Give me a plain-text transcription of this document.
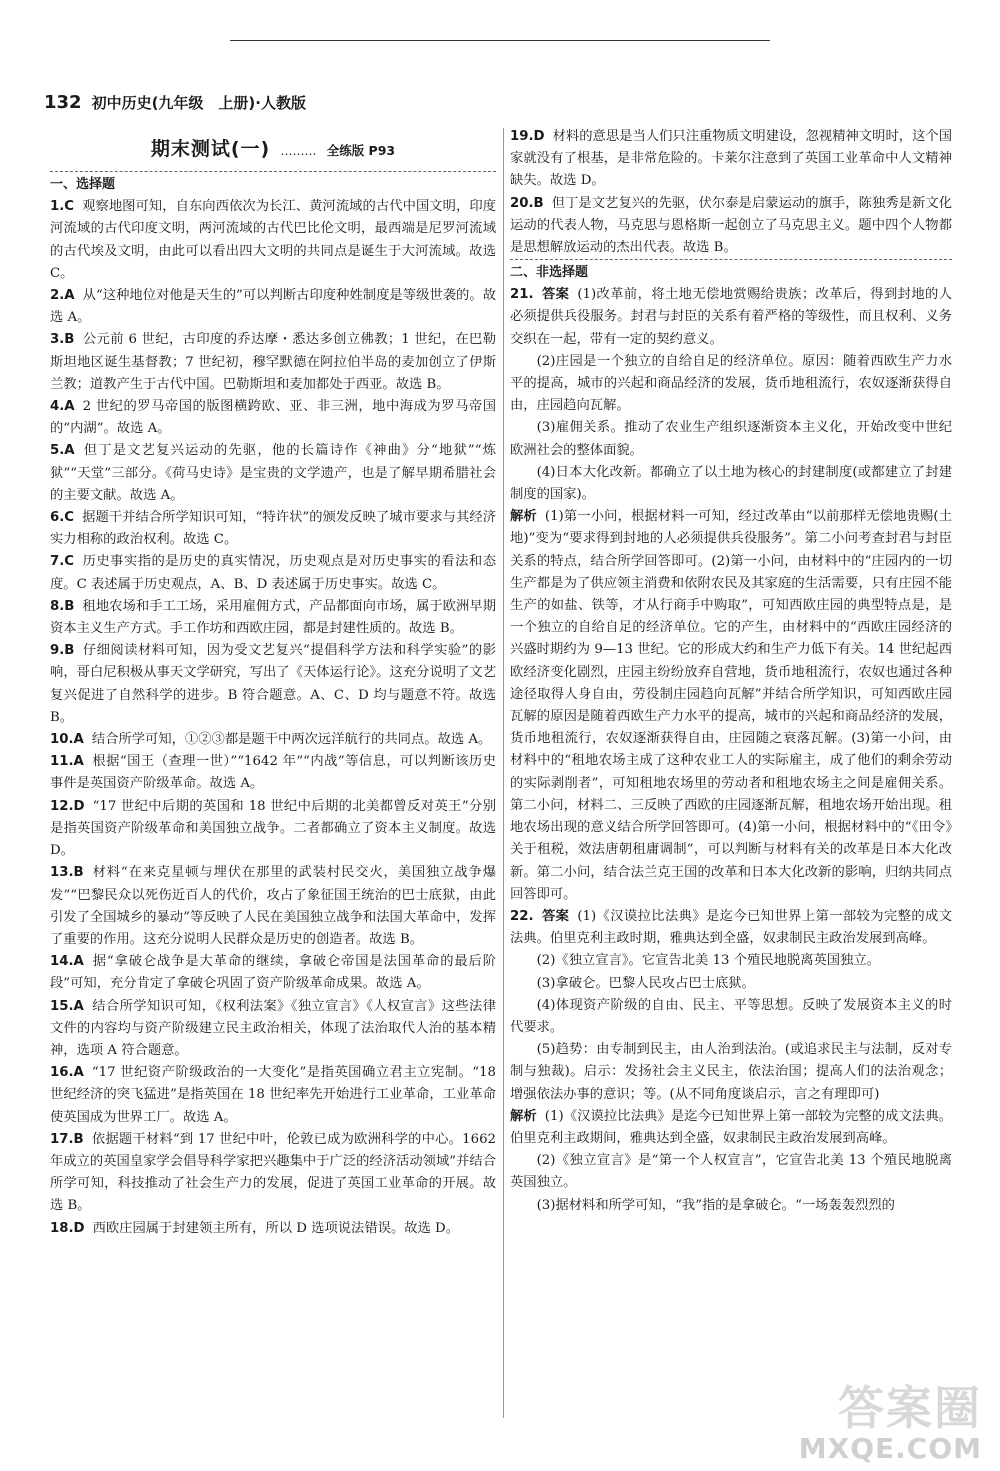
132 初中历史(九年级　上册)·人教版
期末测试(一) ……… 全练版 P93
一、选择题
1.C 观察地图可知，自东向西依次为长江、黄河流域的古代中国文明，印度河流域的古代印度文明，两河流域的古代巴比伦文明，最西端是尼罗河流域的古代埃及文明，由此可以看出四大文明的共同点是诞生于大河流域。故选 C。
2.A 从“这种地位对他是天生的”可以判断古印度种姓制度是等级世袭的。故选 A。
3.B 公元前 6 世纪，古印度的乔达摩・悉达多创立佛教；1 世纪，在巴勒斯坦地区诞生基督教；7 世纪初，穆罕默德在阿拉伯半岛的麦加创立了伊斯兰教；道教产生于古代中国。巴勒斯坦和麦加都处于西亚。故选 B。
4.A 2 世纪的罗马帝国的版图横跨欧、亚、非三洲，地中海成为罗马帝国的“内湖”。故选 A。
5.A 但丁是文艺复兴运动的先驱，他的长篇诗作《神曲》分“地狱”“炼狱”“天堂”三部分。《荷马史诗》是宝贵的文学遗产，也是了解早期希腊社会的主要文献。故选 A。
6.C 据题干并结合所学知识可知，“特许状”的颁发反映了城市要求与其经济实力相称的政治权利。故选 C。
7.C 历史事实指的是历史的真实情况，历史观点是对历史事实的看法和态度。C 表述属于历史观点，A、B、D 表述属于历史事实。故选 C。
8.B 租地农场和手工工场，采用雇佣方式，产品都面向市场，属于欧洲早期资本主义生产方式。手工作坊和西欧庄园，都是封建性质的。故选 B。
9.B 仔细阅读材料可知，因为受文艺复兴“提倡科学方法和科学实验”的影响，哥白尼积极从事天文学研究，写出了《天体运行论》。这充分说明了文艺复兴促进了自然科学的进步。B 符合题意。A、C、D 均与题意不符。故选 B。
10.A 结合所学可知，①②③都是题干中两次远洋航行的共同点。故选 A。
11.A 根据“国王（查理一世）”“1642 年”“内战”等信息，可以判断该历史事件是英国资产阶级革命。故选 A。
12.D “17 世纪中后期的英国和 18 世纪中后期的北美都曾反对英王”分别是指英国资产阶级革命和美国独立战争。二者都确立了资本主义制度。故选 D。
13.B 材料“在来克星顿与埋伏在那里的武装村民交火，美国独立战争爆发”“巴黎民众以死伤近百人的代价，攻占了象征国王统治的巴士底狱，由此引发了全国城乡的暴动”等反映了人民在美国独立战争和法国大革命中，发挥了重要的作用。这充分说明人民群众是历史的创造者。故选 B。
14.A 据“拿破仑战争是大革命的继续，拿破仑帝国是法国革命的最后阶段”可知，充分肯定了拿破仑巩固了资产阶级革命成果。故选 A。
15.A 结合所学知识可知，《权利法案》《独立宣言》《人权宣言》这些法律文件的内容均与资产阶级建立民主政治相关，体现了法治取代人治的基本精神，选项 A 符合题意。
16.A “17 世纪资产阶级政治的一大变化”是指英国确立君主立宪制。“18 世纪经济的突飞猛进”是指英国在 18 世纪率先开始进行工业革命，工业革命使英国成为世界工厂。故选 A。
17.B 依据题干材料“到 17 世纪中叶，伦敦已成为欧洲科学的中心。1662 年成立的英国皇家学会倡导科学家把兴趣集中于广泛的经济活动领域”并结合所学可知，科技推动了社会生产力的发展，促进了英国工业革命的开展。故选 B。
18.D 西欧庄园属于封建领主所有，所以 D 选项说法错误。故选 D。
19.D 材料的意思是当人们只注重物质文明建设，忽视精神文明时，这个国家就没有了根基，是非常危险的。卡莱尔注意到了英国工业革命中人文精神缺失。故选 D。
20.B 但丁是文艺复兴的先驱，伏尔泰是启蒙运动的旗手，陈独秀是新文化运动的代表人物，马克思与恩格斯一起创立了马克思主义。题中四个人物都是思想解放运动的杰出代表。故选 B。
二、非选择题
21. 答案 (1)改革前，将土地无偿地赏赐给贵族；改革后，得到封地的人必须提供兵役服务。封君与封臣的关系有着严格的等级性，而且权利、义务交织在一起，带有一定的契约意义。
(2)庄园是一个独立的自给自足的经济单位。原因：随着西欧生产力水平的提高，城市的兴起和商品经济的发展，货币地租流行，农奴逐渐获得自由，庄园趋向瓦解。
(3)雇佣关系。推动了农业生产组织逐渐资本主义化，开始改变中世纪欧洲社会的整体面貌。
(4)日本大化改新。都确立了以土地为核心的封建制度(或都建立了封建制度的国家)。
解析 (1)第一小问，根据材料一可知，经过改革由“以前那样无偿地贵赐(土地)”变为“要求得到封地的人必须提供兵役服务”。第二小问考查封君与封臣关系的特点，结合所学回答即可。(2)第一小问，由材料中的“庄园内的一切生产都是为了供应领主消费和依附农民及其家庭的生活需要，只有庄园不能生产的如盐、铁等，才从行商手中购取”，可知西欧庄园的典型特点是，是一个独立的自给自足的经济单位。它的产生，由材料中的“西欧庄园经济的兴盛时期约为 9—13 世纪。它的形成大约和生产力低下有关。14 世纪起西欧经济变化剧烈，庄园主纷纷放弃自营地，货币地租流行，农奴也通过各种途径取得人身自由，劳役制庄园趋向瓦解”并结合所学知识，可知西欧庄园瓦解的原因是随着西欧生产力水平的提高，城市的兴起和商品经济的发展，货币地租流行，农奴逐渐获得自由，庄园随之衰落瓦解。(3)第一小问，由材料中的“租地农场主成了这种农业工人的实际雇主，成了他们的剩余劳动的实际剥削者”，可知租地农场里的劳动者和租地农场主之间是雇佣关系。第二小问，材料二、三反映了西欧的庄园逐渐瓦解，租地农场开始出现。租地农场出现的意义结合所学回答即可。(4)第一小问，根据材料中的“《田令》关于租税，效法唐朝租庸调制”，可以判断与材料有关的改革是日本大化改新。第二小问，结合法兰克王国的改革和日本大化改新的影响，归纳共同点回答即可。
22. 答案 (1)《汉谟拉比法典》是迄今已知世界上第一部较为完整的成文法典。伯里克利主政时期，雅典达到全盛，奴隶制民主政治发展到高峰。
(2)《独立宣言》。它宣告北美 13 个殖民地脱离英国独立。
(3)拿破仑。巴黎人民攻占巴士底狱。
(4)体现资产阶级的自由、民主、平等思想。反映了发展资本主义的时代要求。
(5)趋势：由专制到民主，由人治到法治。(或追求民主与法制，反对专制与独裁)。启示：发扬社会主义民主，依法治国；提高人们的法治观念；增强依法办事的意识；等。(从不同角度谈启示，言之有理即可)
解析 (1)《汉谟拉比法典》是迄今已知世界上第一部较为完整的成文法典。伯里克利主政期间，雅典达到全盛，奴隶制民主政治发展到高峰。
(2)《独立宣言》是“第一个人权宣言”，它宣告北美 13 个殖民地脱离英国独立。
(3)据材料和所学可知，“我”指的是拿破仑。“一场轰轰烈烈的
答案圈
MXQE.COM
